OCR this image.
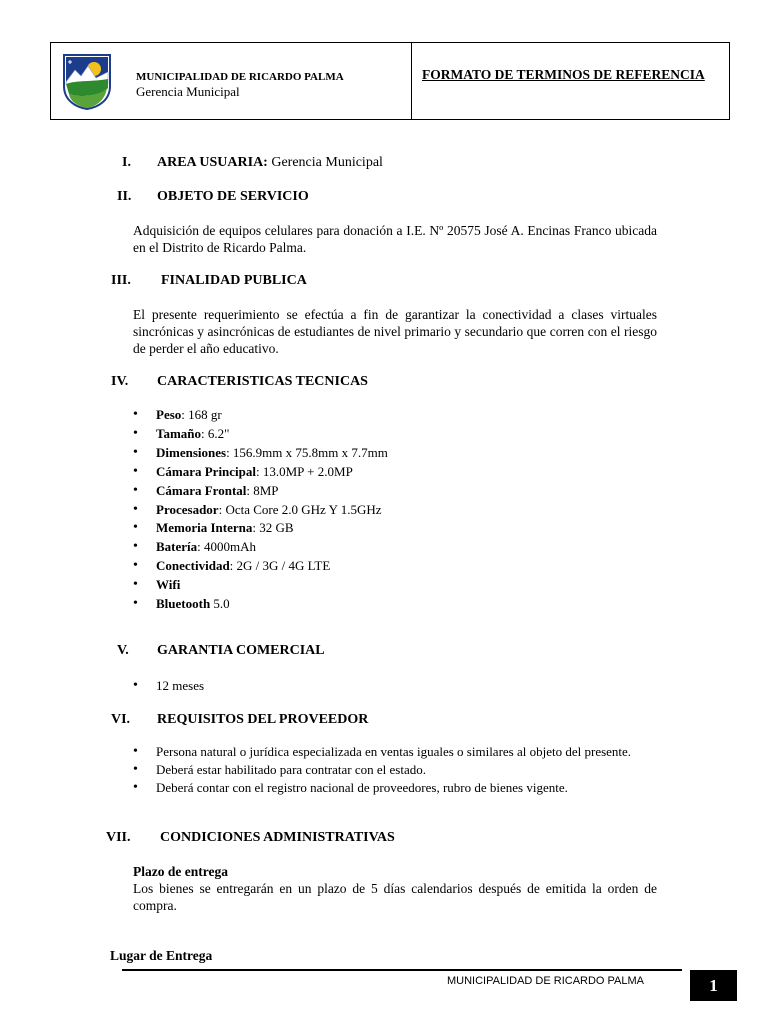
MUNICIPALIDAD DE RICARDO PALMA
Gerencia Municipal
FORMATO DE TERMINOS DE REFERENCIA
I. AREA USUARIA: Gerencia Municipal
II. OBJETO DE SERVICIO

Adquisición de equipos celulares para donación a I.E. Nº 20575 José A. Encinas Franco ubicada en el Distrito de Ricardo Palma.

III. FINALIDAD PUBLICA

El presente requerimiento se efectúa a fin de garantizar la conectividad a clases virtuales sincrónicas y asincrónicas de estudiantes de nivel primario y secundario que corren con el riesgo de perder el año educativo.

IV. CARACTERISTICAS TECNICAS
• Peso: 168 gr
• Tamaño: 6.2"
• Dimensiones: 156.9mm x 75.8mm x 7.7mm
• Cámara Principal: 13.0MP + 2.0MP
• Cámara Frontal: 8MP
• Procesador: Octa Core 2.0 GHz Y 1.5GHz
• Memoria Interna: 32 GB
• Batería: 4000mAh
• Conectividad: 2G / 3G / 4G LTE
• Wifi
• Bluetooth 5.0
V. GARANTIA COMERCIAL
• 12 meses
VI. REQUISITOS DEL PROVEEDOR
• Persona natural o jurídica especializada en ventas iguales o similares al objeto del presente.
• Deberá estar habilitado para contratar con el estado.
• Deberá contar con el registro nacional de proveedores, rubro de bienes vigente.
VII. CONDICIONES ADMINISTRATIVAS
Plazo de entrega

Los bienes se entregarán en un plazo de 5 días calendarios después de emitida la orden de compra.

Lugar de Entrega
MUNICIPALIDAD DE RICARDO PALMA	1
